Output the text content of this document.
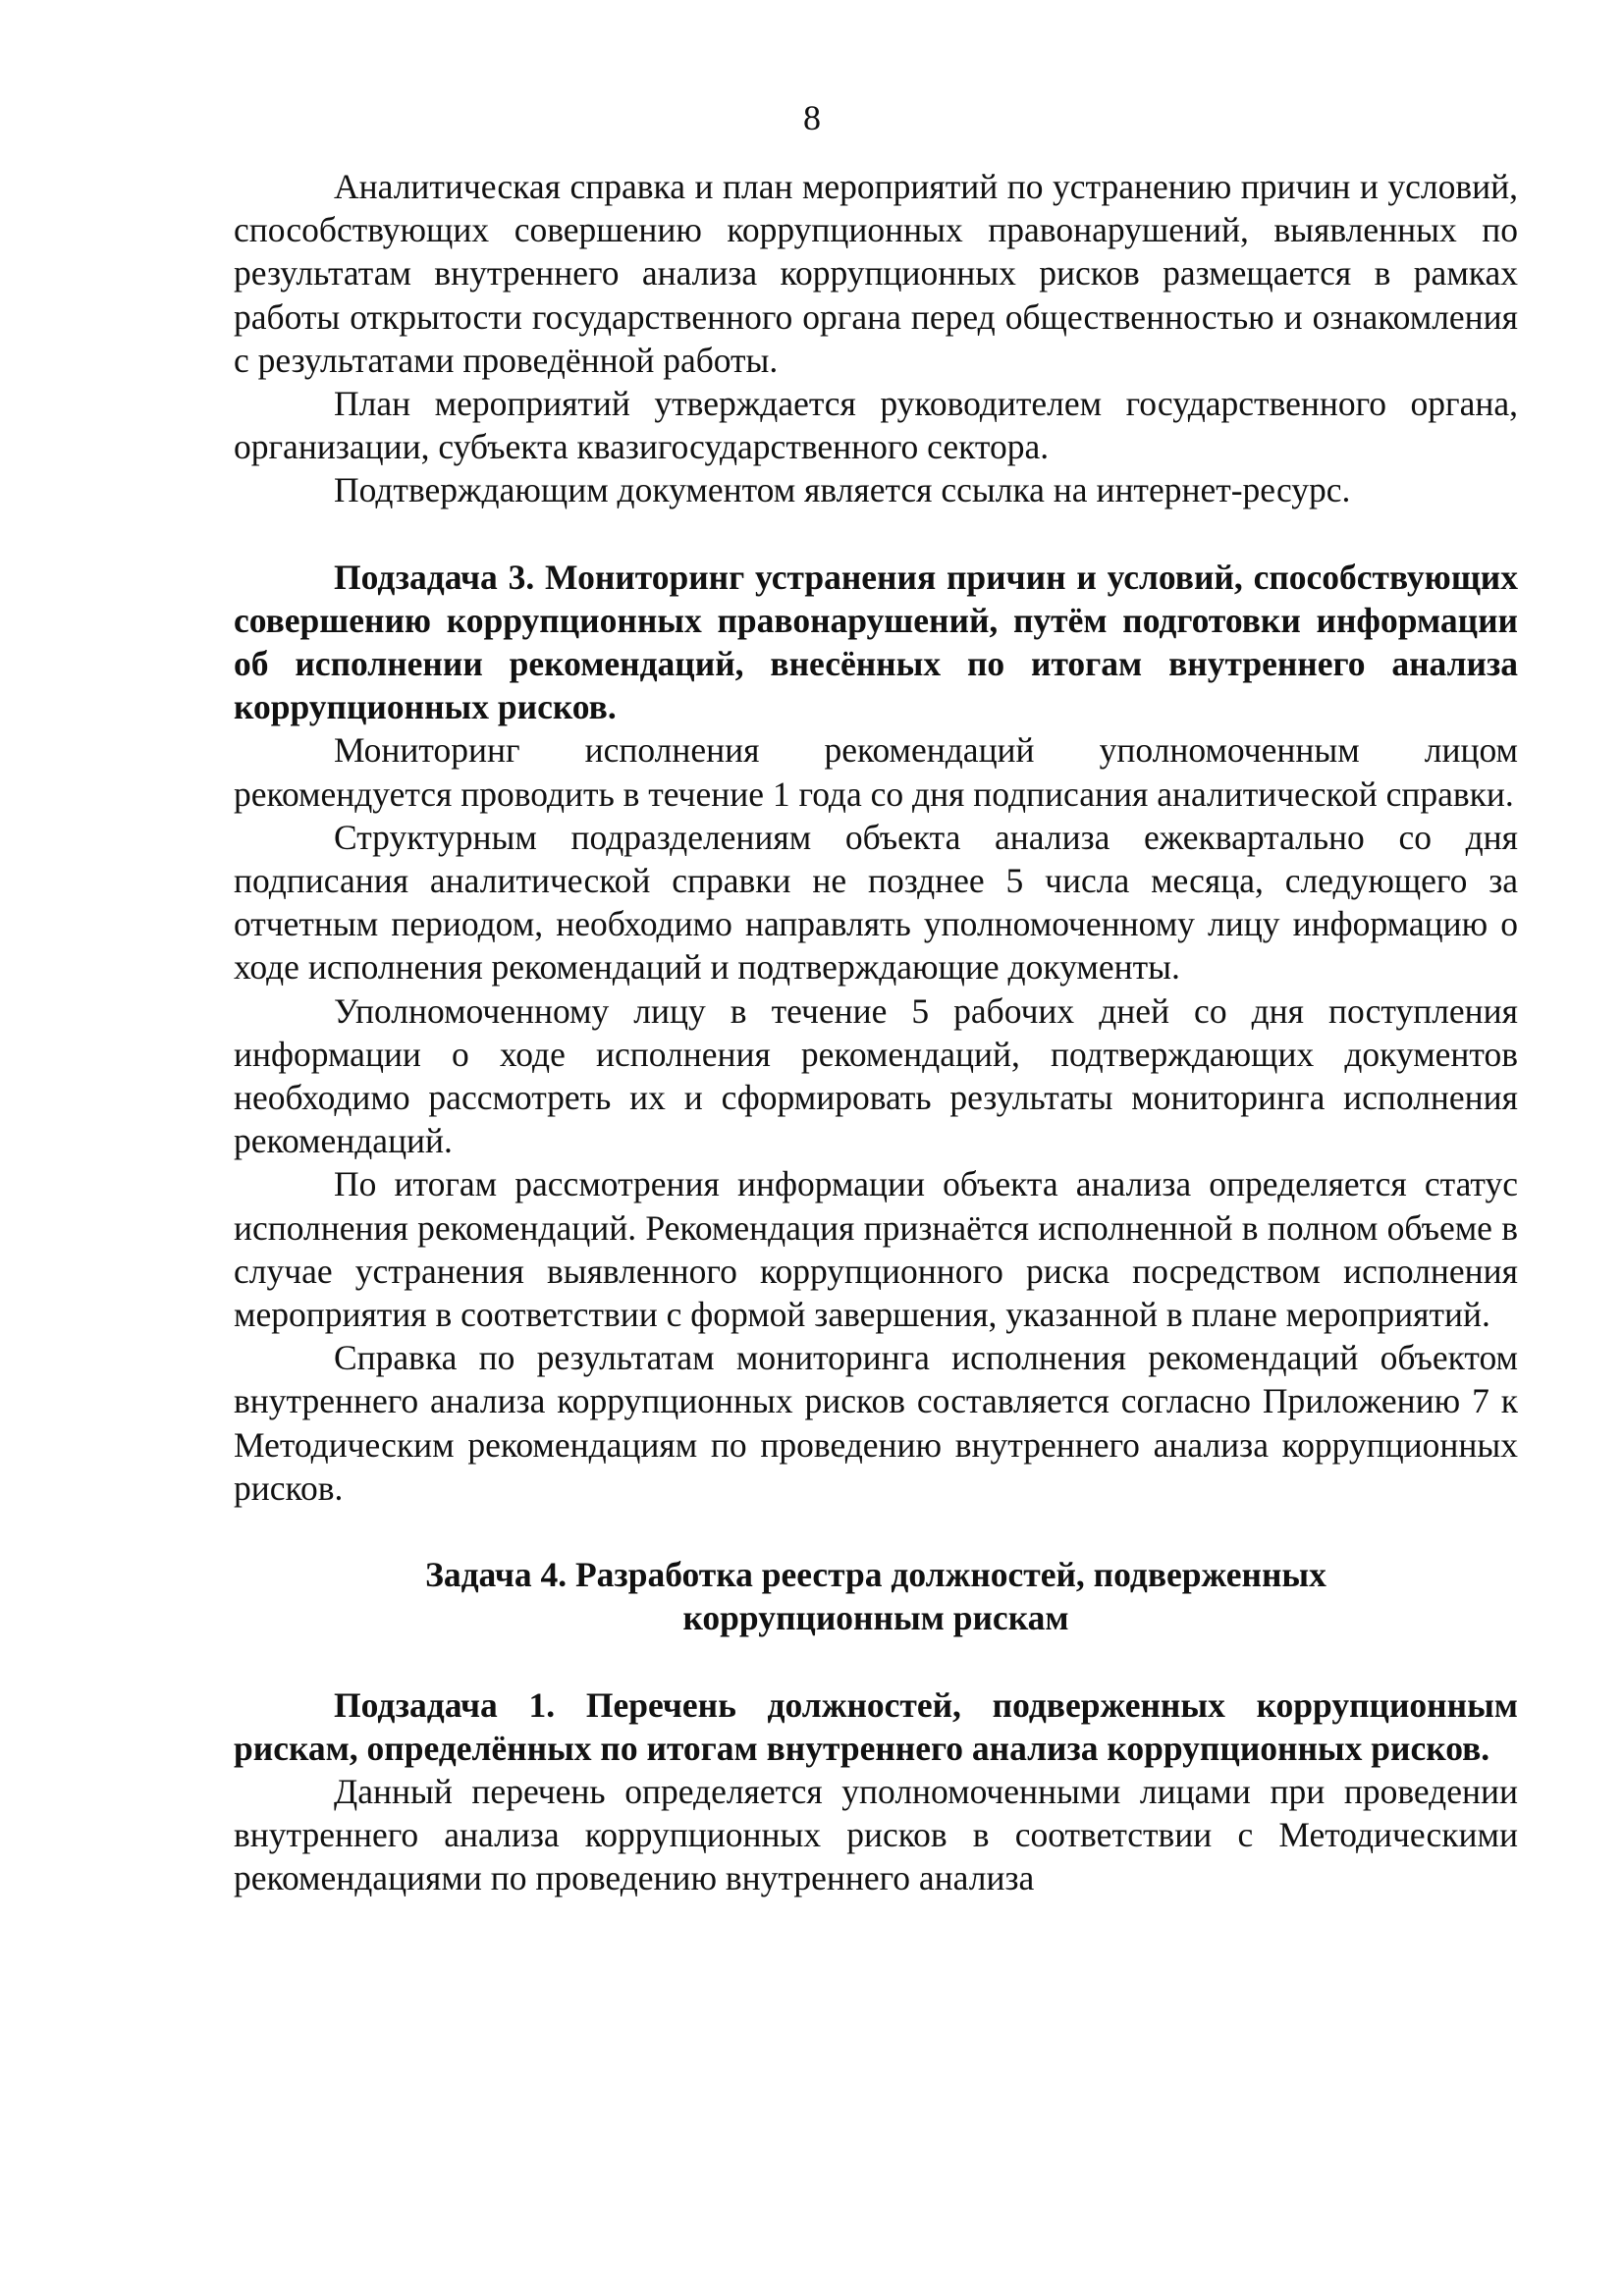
8

Аналитическая справка и план мероприятий по устранению причин и условий, способствующих совершению коррупционных правонарушений, выявленных по результатам внутреннего анализа коррупционных рисков размещается в рамках работы открытости государственного органа перед общественностью и ознакомления с результатами проведённой работы.

План мероприятий утверждается руководителем государственного органа, организации, субъекта квазигосударственного сектора.

Подтверждающим документом является ссылка на интернет-ресурс.

Подзадача 3. Мониторинг устранения причин и условий, способствующих совершению коррупционных правонарушений, путём подготовки информации об исполнении рекомендаций, внесённых по итогам внутреннего анализа коррупционных рисков.

Мониторинг исполнения рекомендаций уполномоченным лицом рекомендуется проводить в течение 1 года со дня подписания аналитической справки.

Структурным подразделениям объекта анализа ежеквартально со дня подписания аналитической справки не позднее 5 числа месяца, следующего за отчетным периодом, необходимо направлять уполномоченному лицу информацию о ходе исполнения рекомендаций и подтверждающие документы.

Уполномоченному лицу в течение 5 рабочих дней со дня поступления информации о ходе исполнения рекомендаций, подтверждающих документов необходимо рассмотреть их и сформировать результаты мониторинга исполнения рекомендаций.

По итогам рассмотрения информации объекта анализа определяется статус исполнения рекомендаций. Рекомендация признаётся исполненной в полном объеме в случае устранения выявленного коррупционного риска посредством исполнения мероприятия в соответствии с формой завершения, указанной в плане мероприятий.

Справка по результатам мониторинга исполнения рекомендаций объектом внутреннего анализа коррупционных рисков составляется согласно Приложению 7 к Методическим рекомендациям по проведению внутреннего анализа коррупционных рисков.

Задача 4. Разработка реестра должностей, подверженных
коррупционным рискам

Подзадача 1. Перечень должностей, подверженных коррупционным рискам, определённых по итогам внутреннего анализа коррупционных рисков.

Данный перечень определяется уполномоченными лицами при проведении внутреннего анализа коррупционных рисков в соответствии с Методическими рекомендациями по проведению внутреннего анализа
